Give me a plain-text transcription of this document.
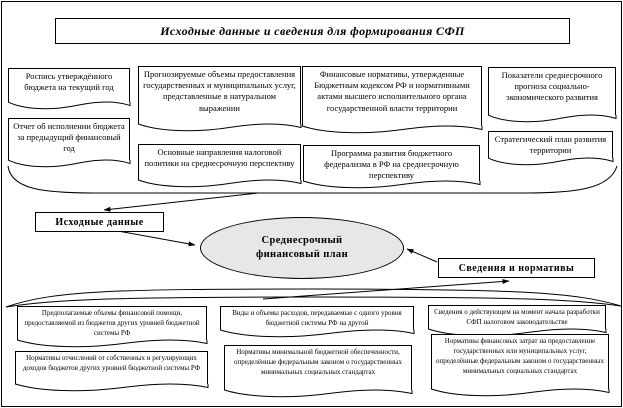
Исходные данные и сведения для формирования СФП
Роспись утверждённого бюджета на текущий год
Отчет об исполнении бюджета за предыдущий финансовый год
Прогнозируемые объемы предоставления государственных и муниципальных услуг, представленные в натуральном выражении
Основные направления налоговой политики на среднесрочную перспективу
Финансовые нормативы, утвержденные Бюджетным кодексом РФ и нормативными актами высшего исполнительного органа государственной власти территории
Программа развития бюджетного федерализма в РФ на среднесрочную перспективу
Показатели среднесрочного прогноза социально-экономического развития
Стратегический план развития территории
Исходные данные
Среднесрочный финансовый план
Сведения и нормативы
Предполагаемые объемы финансовой помощи, предоставляемой из бюджетов других уровней бюджетной системы РФ
Нормативы отчислений от собственных и регулирующих доходов бюджетов других уровней бюджетной системы РФ
Виды и объемы расходов, передаваемые с одного уровня бюджетной системы РФ на другой
Нормативы минимальной бюджетной обеспеченности, определённые федеральным законом о государственных минимальных социальных стандартах
Сведения о действующем на момент начала разработки СФП налоговом законодательстве
Нормативы финансовых затрат на предоставление государственных или муниципальных услуг, определённые федеральным законом о государственных минимальных социальных стандартах
